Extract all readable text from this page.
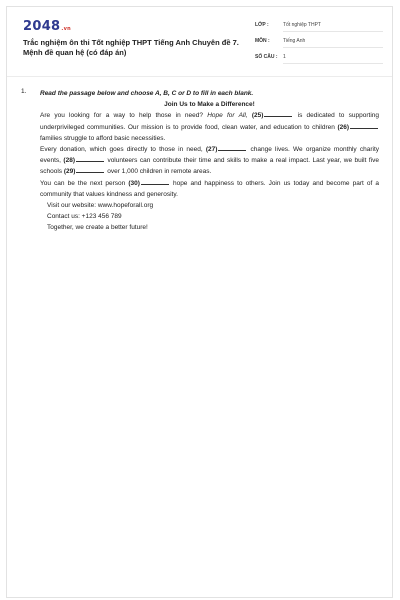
2048.vn
Trắc nghiệm ôn thi Tốt nghiệp THPT Tiếng Anh Chuyên đề 7. Mệnh đề quan hệ (có đáp án)
LỚP :	Tốt nghiệp THPT
MÔN :	Tiếng Anh
SỐ CÂU : 1
1. Read the passage below and choose A, B, C or D to fill in each blank.
Join Us to Make a Difference!
Are you looking for a way to help those in need? Hope for All, (25)	is dedicated to supporting underprivileged communities. Our mission is to provide food, clean water, and education to children (26) families struggle to afford basic necessities.
Every donation, which goes directly to those in need, (27)	change lives. We organize monthly charity events, (28)	volunteers can contribute their time and skills to make a real impact. Last year, we built five schools (29)	over 1,000 children in remote areas.
You can be the next person (30)	hope and happiness to others. Join us today and become part of a community that values kindness and generosity.
Visit our website: www.hopeforall.org
Contact us: +123 456 789
Together, we create a better future!
